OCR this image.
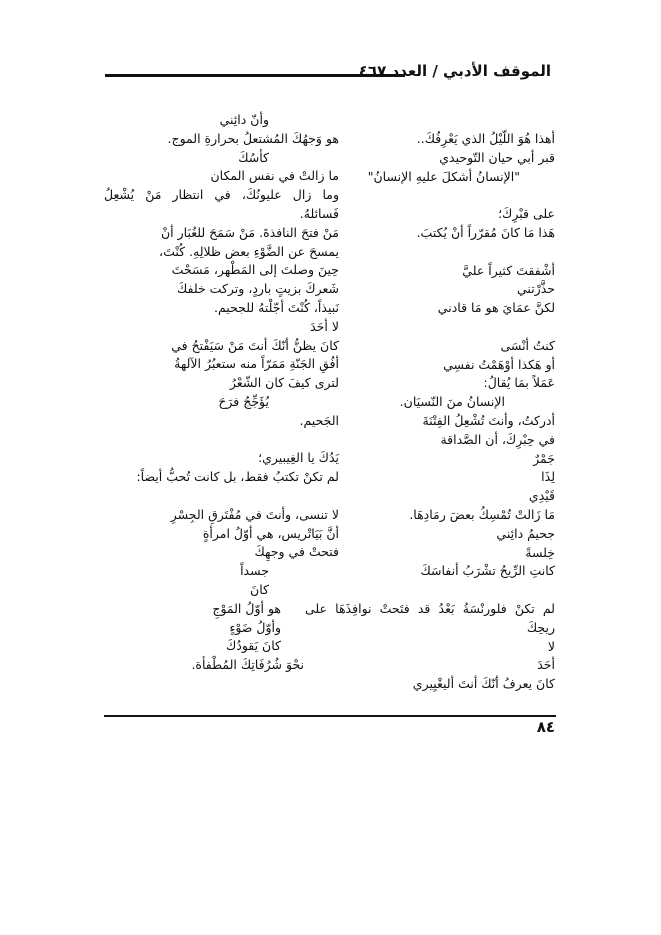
الموقف الأدبي / العدد ٤٦٧
أهذا هُوَ اللّيْلُ الذي يَعْرِفُكَ..
قبر أبي حيان التّوحيدي
"الإنسانُ أشكلَ عليهِ الإنسانُ"
على قبْرِكَ؛
هَذا مَا كانَ مُقرّراً أنْ يُكتبَ.
أشْفقتَ كثيراً عليَّ
حذَّرْتني
لكنَّ عمَايَ هو مَا قادني
كنتُ أنْسَى
أو هَكذا أوْهَمْتُ نفسِي
عَمَلاً بمَا يُقالُ:
الإنسانُ منَ النّسيَان.
أدركتُ، وأنتَ تُشْعِلُ الفِتْنَةَ
في حِبْرِكَ، أن الصَّداقة
جَمْرٌ
لِذَا
قَيْدِي
مَا زَالتْ تُمْسِكُ بعضَ رمَادِهَا.
جحيمُ دائِني
خِلسةً
كانتِ الرِّيحُ تشْرَبُ أنفاسَكَ
لم تكنْ فلورنْسَةُ بَعْدُ قد فتَحتْ نوافِذَهَا على ريحِكَ
لا
أحَدَ
كانَ يعرفُ أنّكَ أنتَ أليغْيِيري
وأنّ دائِني
هو وَجهُكَ المُشتعلُ بحرارةِ الموج.
كأسُكَ
ما زالتْ في نفس المكان
وما زال عليونُكَ، في انتظار مَنْ يُشْعِلُ فَسائلهُ.
مَنْ فتحَ النافذةَ. مَنْ سَمَحَ للغُبَار أنْ
يمسحَ عن الضَّوْءِ بعض ظلالِهِ. كُنْتَ،
حِينَ وصلتَ إلى المَطْهر، مَسَحْتَ
شَعركَ بزيتٍ باردٍ، وتركت خلفكَ
نَبيذاً، كُنْتَ أجّلْتهُ للجحيم.
لا أحَدَ
كانَ يظنُّ أنّكَ أنتَ مَنْ سَيَفْتحُ في
أفُقِ الجَنّةِ مَمَرّاً منه ستعبُرُ الآلهةُ
لترى كيفَ كان الشّعْرُ
يُؤَجِّجُ فرَحَ
الجَحيم.
يَدُكَ يا الغِيبيري؛
لم تكنْ تكتبُ فقط، بل كانت تُحبُّ أيضاً:
لا تنسى، وأنتَ في مُفْتَرقِ الجِسْرِ
أنَّ بَيَاتْريس، هي أوّلُ امرأةٍ
فتحتْ في وجهِكَ
جسداً
كانَ
هو أوّلُ المَوْجِ
وأوّلُ ضَوْءٍ
كانَ يَقودُكَ
نحْوَ شُرُفَاتِكَ المُطْفأة.
٨٤
